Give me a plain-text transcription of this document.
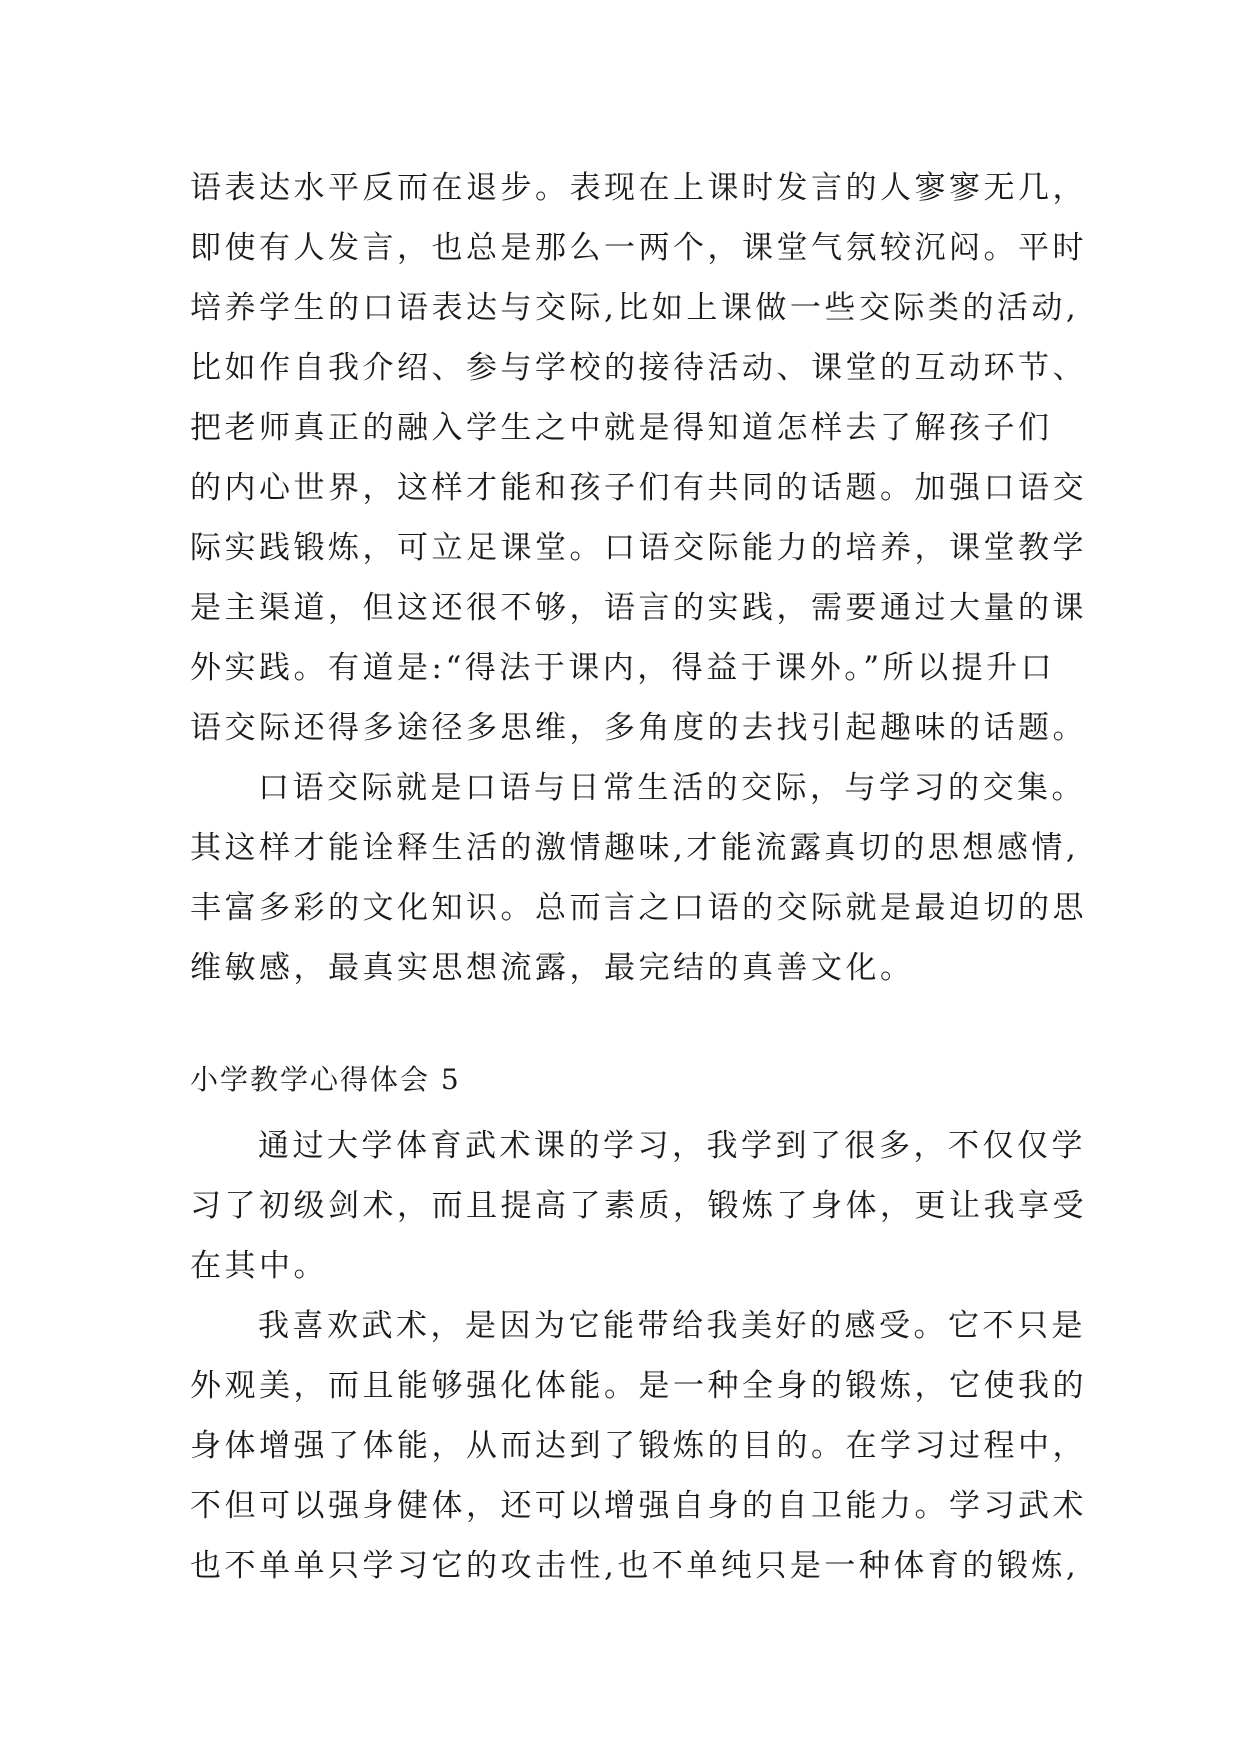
语表达水平反而在退步。表现在上课时发言的人寥寥无几，

即使有人发言，也总是那么一两个，课堂气氛较沉闷。平时

培养学生的口语表达与交际,比如上课做一些交际类的活动,

比如作自我介绍、参与学校的接待活动、课堂的互动环节、

把老师真正的融入学生之中就是得知道怎样去了解孩子们

的内心世界，这样才能和孩子们有共同的话题。加强口语交

际实践锻炼，可立足课堂。口语交际能力的培养，课堂教学

是主渠道，但这还很不够，语言的实践，需要通过大量的课

外实践。有道是:“得法于课内，得益于课外。”所以提升口

语交际还得多途径多思维，多角度的去找引起趣味的话题。

口语交际就是口语与日常生活的交际，与学习的交集。

其这样才能诠释生活的激情趣味,才能流露真切的思想感情,

丰富多彩的文化知识。总而言之口语的交际就是最迫切的思

维敏感，最真实思想流露，最完结的真善文化。

小学教学心得体会 5

通过大学体育武术课的学习，我学到了很多，不仅仅学

习了初级剑术，而且提高了素质，锻炼了身体，更让我享受

在其中。

我喜欢武术，是因为它能带给我美好的感受。它不只是

外观美，而且能够强化体能。是一种全身的锻炼，它使我的

身体增强了体能，从而达到了锻炼的目的。在学习过程中，

不但可以强身健体，还可以增强自身的自卫能力。学习武术

也不单单只学习它的攻击性,也不单纯只是一种体育的锻炼,
